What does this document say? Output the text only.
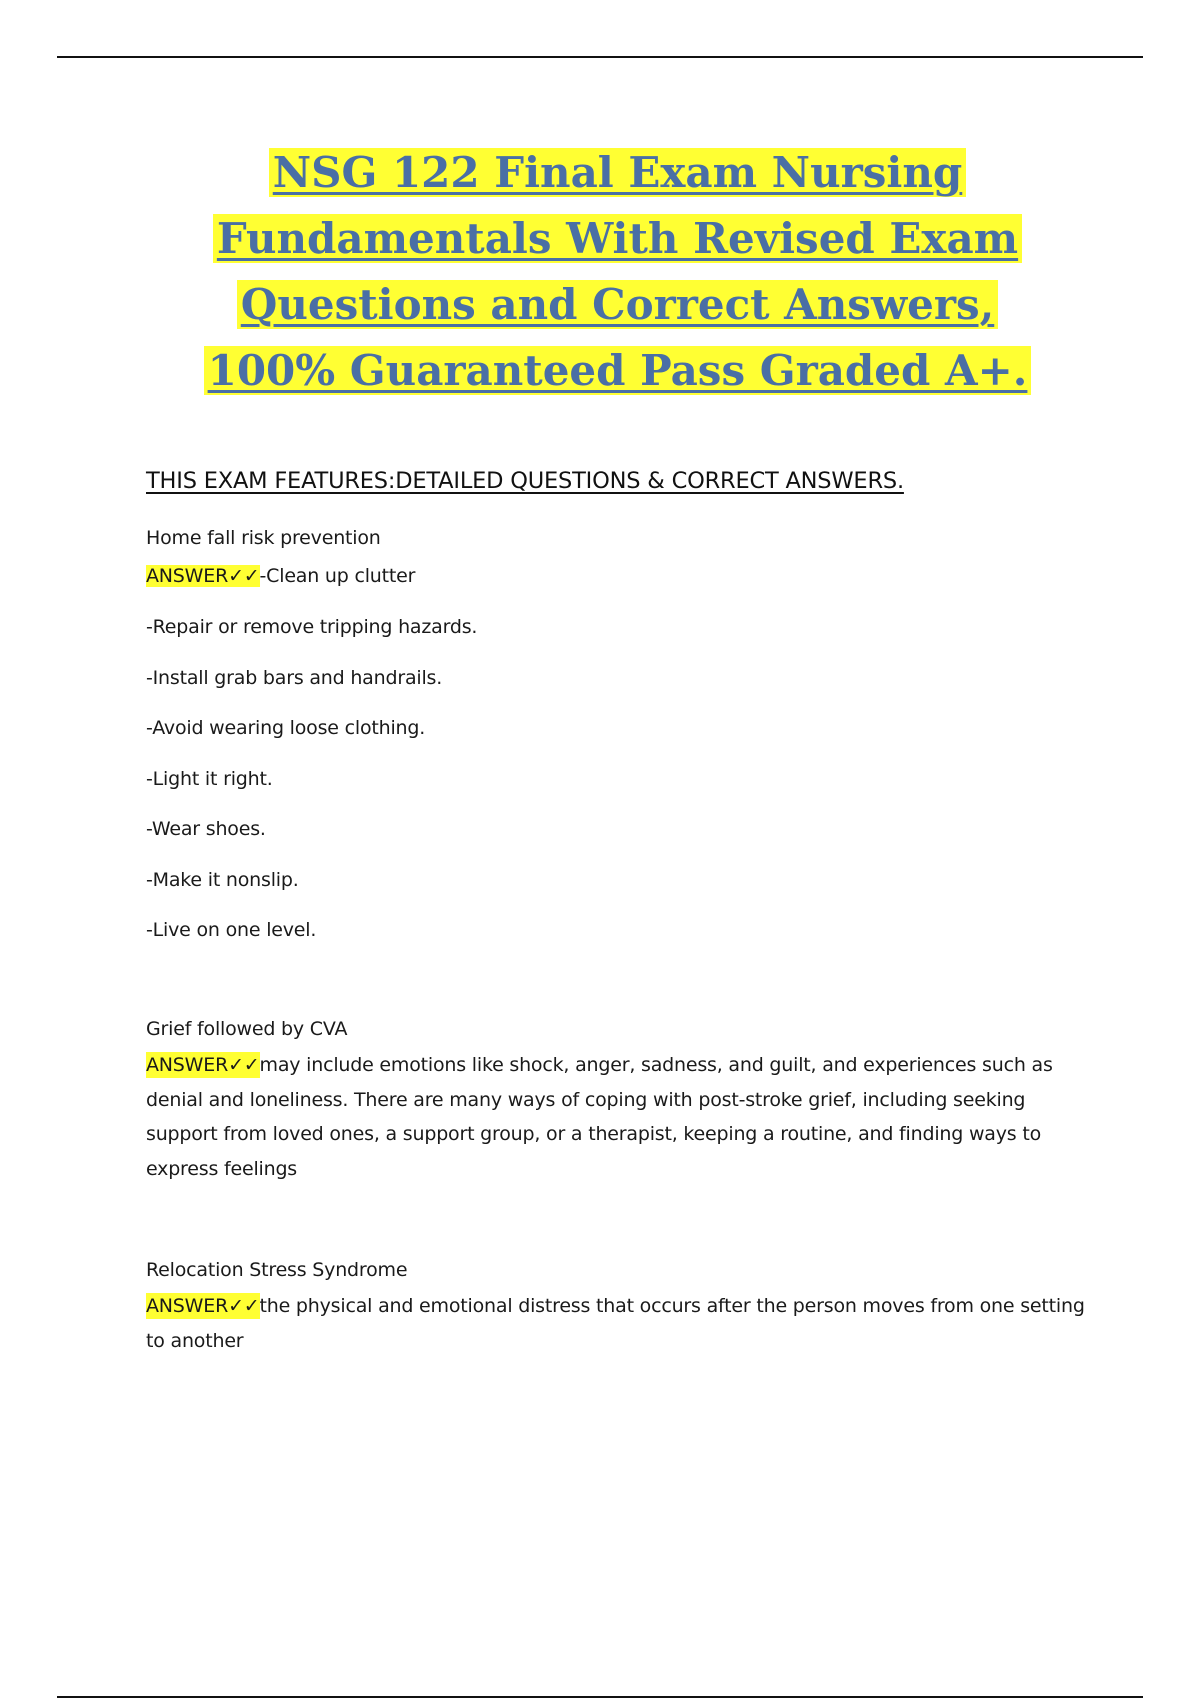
NSG 122 Final Exam Nursing
Fundamentals With Revised Exam
Questions and Correct Answers,
100% Guaranteed Pass Graded A+.
THIS EXAM FEATURES:DETAILED QUESTIONS & CORRECT ANSWERS.

Home fall risk prevention

ANSWER✓✓-Clean up clutter

-Repair or remove tripping hazards.
-Install grab bars and handrails.
-Avoid wearing loose clothing.
-Light it right.
-Wear shoes.
-Make it nonslip.
-Live on one level.

Grief followed by CVA

ANSWER✓✓may include emotions like shock, anger, sadness, and guilt, and experiences such as denial and loneliness. There are many ways of coping with post-stroke grief, including seeking support from loved ones, a support group, or a therapist, keeping a routine, and finding ways to express feelings

Relocation Stress Syndrome

ANSWER✓✓the physical and emotional distress that occurs after the person moves from one setting to another
